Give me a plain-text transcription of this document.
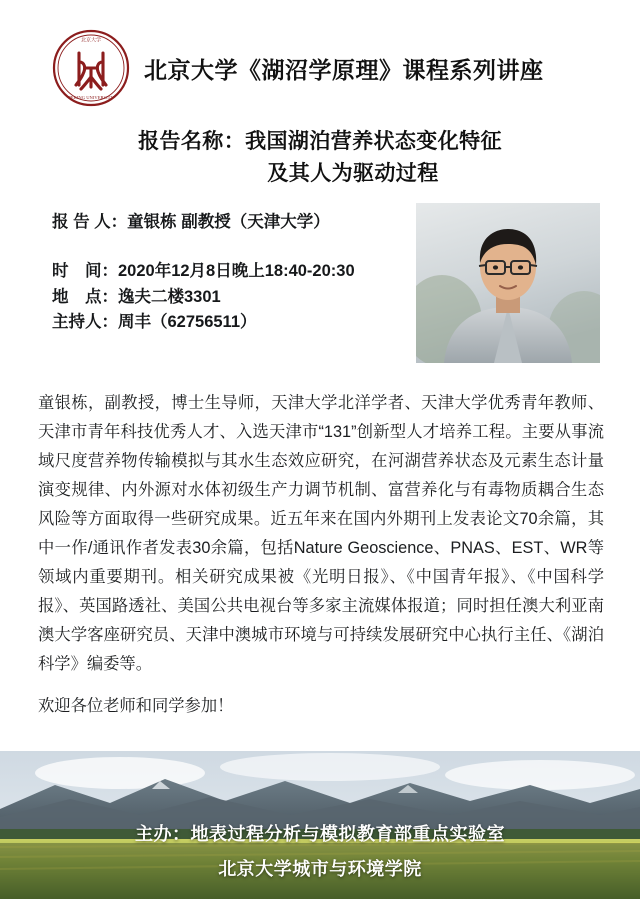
北京大学
PEKING UNIVERSITY
北京大学《湖沼学原理》课程系列讲座
报告名称：我国湖泊营养状态变化特征
及其人为驱动过程
报 告 人：童银栋 副教授（天津大学）
时　间：2020年12月8日晚上18:40-20:30
地　点：逸夫二楼3301
主持人：周丰（62756511）
童银栋，副教授，博士生导师，天津大学北洋学者、天津大学优秀青年教师、天津市青年科技优秀人才、入选天津市“131”创新型人才培养工程。主要从事流域尺度营养物传输模拟与其水生态效应研究，在河湖营养状态及元素生态计量演变规律、内外源对水体初级生产力调节机制、富营养化与有毒物质耦合生态风险等方面取得一些研究成果。近五年来在国内外期刊上发表论文70余篇，其中一作/通讯作者发表30余篇，包括Nature Geoscience、PNAS、EST、WR等领域内重要期刊。相关研究成果被《光明日报》、《中国青年报》、《中国科学报》、英国路透社、美国公共电视台等多家主流媒体报道；同时担任澳大利亚南澳大学客座研究员、天津中澳城市环境与可持续发展研究中心执行主任、《湖泊科学》编委等。
欢迎各位老师和同学参加！
主办：地表过程分析与模拟教育部重点实验室
北京大学城市与环境学院
